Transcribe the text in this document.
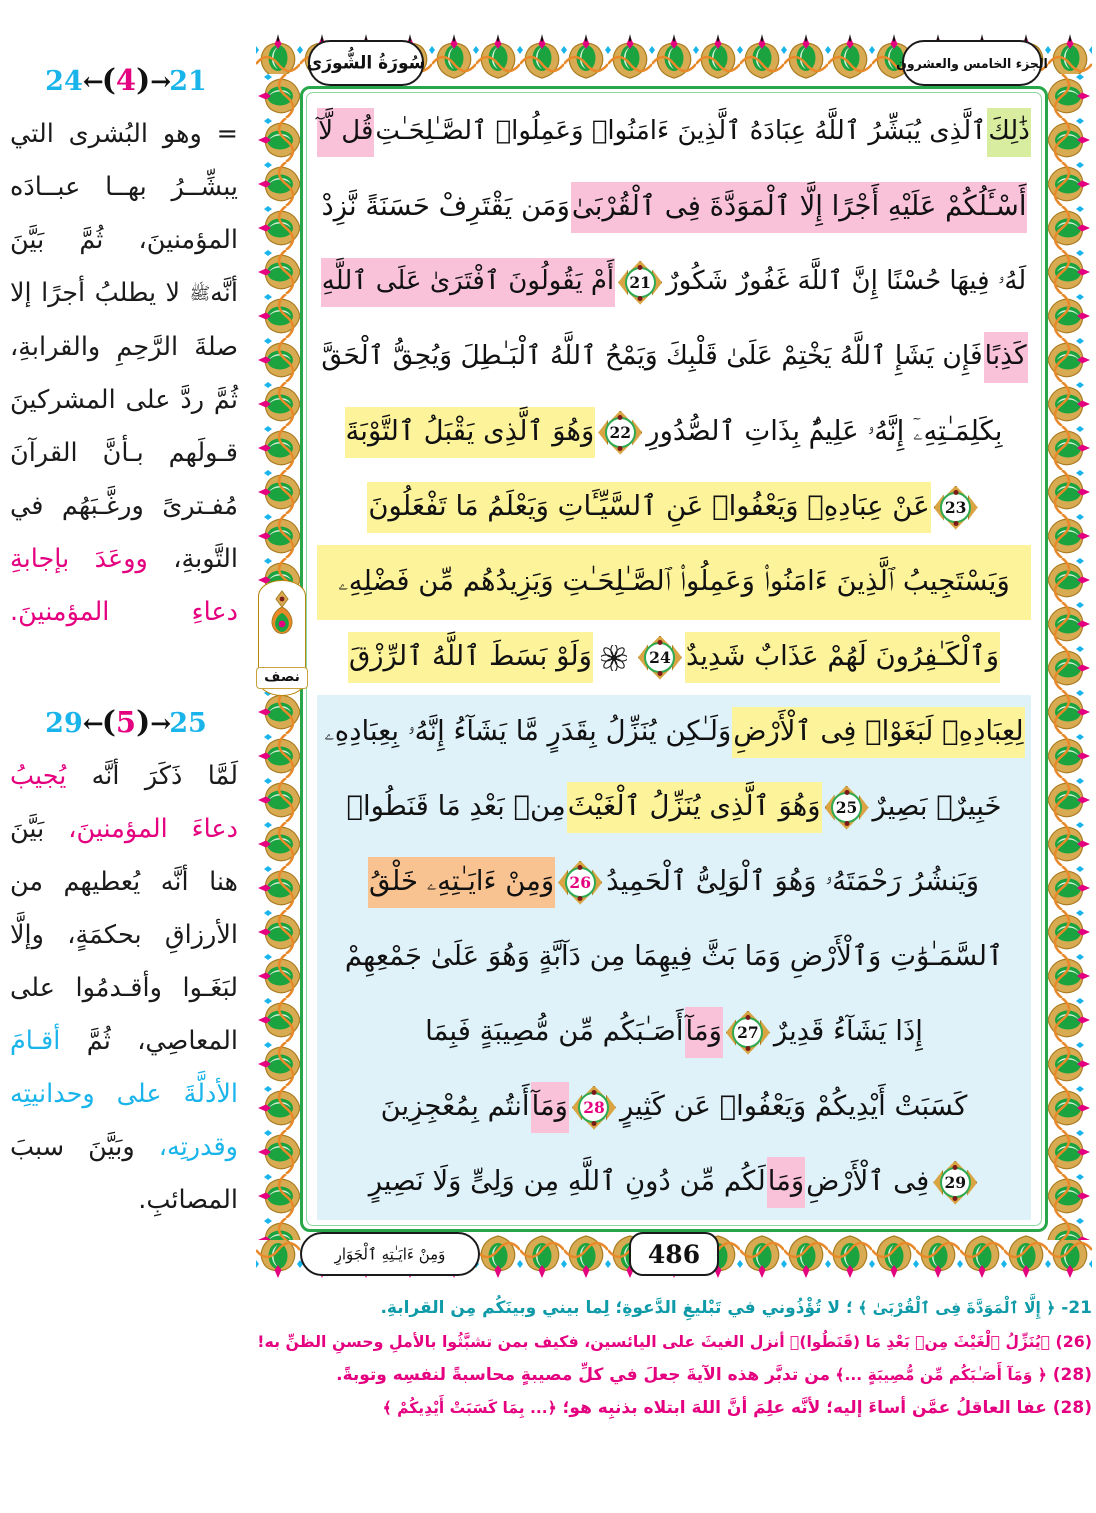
24←(4)→21
= وهو البُشرى التي يبشِّــرُ بهــا عبــادَه المؤمنينَ، ثُمَّ بَيَّنَ أنَّهﷺ لا يطلبُ أجرًا إلا صلةَ الرَّحِمِ والقرابةِ، ثُمَّ ردَّ على المشركينَ قـولَهم بـأنَّ القرآنَ مُفـترىً ورغَّـبَهُم في التَّوبةِ، ووعَدَ بإجابةِ دعاءِ المؤمنينَ.
29←(5)→25
لَمَّا ذَكَرَ أنَّه يُجيبُ دعاءَ المؤمنينَ، بَيَّنَ هنا أنَّه يُعطيهم من الأرزاقِ بحكمَةٍ، وإلَّا لبَغَـوا وأقـدمُوا على المعاصِي، ثُمَّ أقـامَ الأدلَّةَ على وحدانيتِه وقدرتِه، وبَيَّنَ سببَ المصائبِ.
سُورَةُ الشُّورَى	الجزء الخامس والعشرون
نصف
ذَٰلِكَ
ٱلَّذِى يُبَشِّرُ ٱللَّهُ عِبَادَهُ ٱلَّذِينَ ءَامَنُوا۟ وَعَمِلُوا۟ ٱلصَّـٰلِحَـٰتِ
قُل لَّآ
أَسْـَٔلُكُمْ عَلَيْهِ أَجْرًا إِلَّا ٱلْمَوَدَّةَ فِى ٱلْقُرْبَىٰ
وَمَن يَقْتَرِفْ حَسَنَةً نَّزِدْ
لَهُۥ فِيهَا حُسْنًا إِنَّ ٱللَّهَ غَفُورٌ شَكُورٌ
21
أَمْ يَقُولُونَ ٱفْتَرَىٰ عَلَى ٱللَّهِ
كَذِبًا
فَإِن يَشَإِ ٱللَّهُ يَخْتِمْ عَلَىٰ قَلْبِكَ وَيَمْحُ ٱللَّهُ ٱلْبَـٰطِلَ وَيُحِقُّ ٱلْحَقَّ
بِكَلِمَـٰتِهِۦٓ إِنَّهُۥ عَلِيمٌۢ بِذَاتِ ٱلصُّدُورِ
22
وَهُوَ ٱلَّذِى يَقْبَلُ ٱلتَّوْبَةَ
23
عَنْ عِبَادِهِۦ وَيَعْفُوا۟ عَنِ ٱلسَّيِّـَٔاتِ وَيَعْلَمُ مَا تَفْعَلُونَ
وَيَسْتَجِيبُ ٱلَّذِينَ ءَامَنُوا۟ وَعَمِلُوا۟ ٱلصَّـٰلِحَـٰتِ وَيَزِيدُهُم مِّن فَضْلِهِۦ
وَٱلْكَـٰفِرُونَ لَهُمْ عَذَابٌ شَدِيدٌ
24
وَلَوْ بَسَطَ ٱللَّهُ ٱلرِّزْقَ
لِعِبَادِهِۦ لَبَغَوْا۟ فِى ٱلْأَرْضِ
وَلَـٰكِن يُنَزِّلُ بِقَدَرٍ مَّا يَشَآءُ إِنَّهُۥ بِعِبَادِهِۦ
خَبِيرٌۢ بَصِيرٌ
25
وَهُوَ ٱلَّذِى يُنَزِّلُ ٱلْغَيْثَ
مِنۢ بَعْدِ مَا قَنَطُوا۟
وَيَنشُرُ رَحْمَتَهُۥ وَهُوَ ٱلْوَلِىُّ ٱلْحَمِيدُ
26
وَمِنْ ءَايَـٰتِهِۦ خَلْقُ
ٱلسَّمَـٰوَٰتِ وَٱلْأَرْضِ وَمَا بَثَّ فِيهِمَا مِن دَآبَّةٍ وَهُوَ عَلَىٰ جَمْعِهِمْ
إِذَا يَشَآءُ قَدِيرٌ
27
وَمَآ
أَصَـٰبَكُم مِّن مُّصِيبَةٍ فَبِمَا
كَسَبَتْ أَيْدِيكُمْ وَيَعْفُوا۟ عَن كَثِيرٍ
28
وَمَآ
أَنتُم بِمُعْجِزِينَ
29
فِى ٱلْأَرْضِ
وَمَا
لَكُم مِّن دُونِ ٱللَّهِ مِن وَلِىٍّ وَلَا نَصِيرٍ
486
وَمِنْ ءَايَـٰتِهِ ٱلْجَوَارِ
21- ﴿ إِلَّا ٱلْمَوَدَّةَ فِى ٱلْقُرْبَىٰ ﴾ ؛ لا تُؤْذُوني في تَبْليغِ الدَّعوةِ؛ لِما بيني وبينَكُم مِن القرابةِ.
(26) ﴿يُنَزِّلُ ٱلْغَيْثَ مِنۢ بَعْدِ مَا (قَنَطُوا)﴾ أنزل الغيثَ على اليائسين، فكيف بمن تشبَّثُوا بالأملِ وحسنِ الظنِّ به!
(28) ﴿ وَمَآ أَصَـٰبَكُم مِّن مُّصِيبَةٍ ...﴾ من تدبَّر هذه الآيةَ جعلَ في كلِّ مصيبةٍ محاسبةً لنفسِه وتوبةً.
(28) عفا العاقلُ عمَّن أساءَ إليه؛ لأنَّه علِمَ أنَّ اللهَ ابتلاه بذنبِه هو؛ ﴿... بِمَا كَسَبَتْ أَيْدِيكُمْ ﴾
